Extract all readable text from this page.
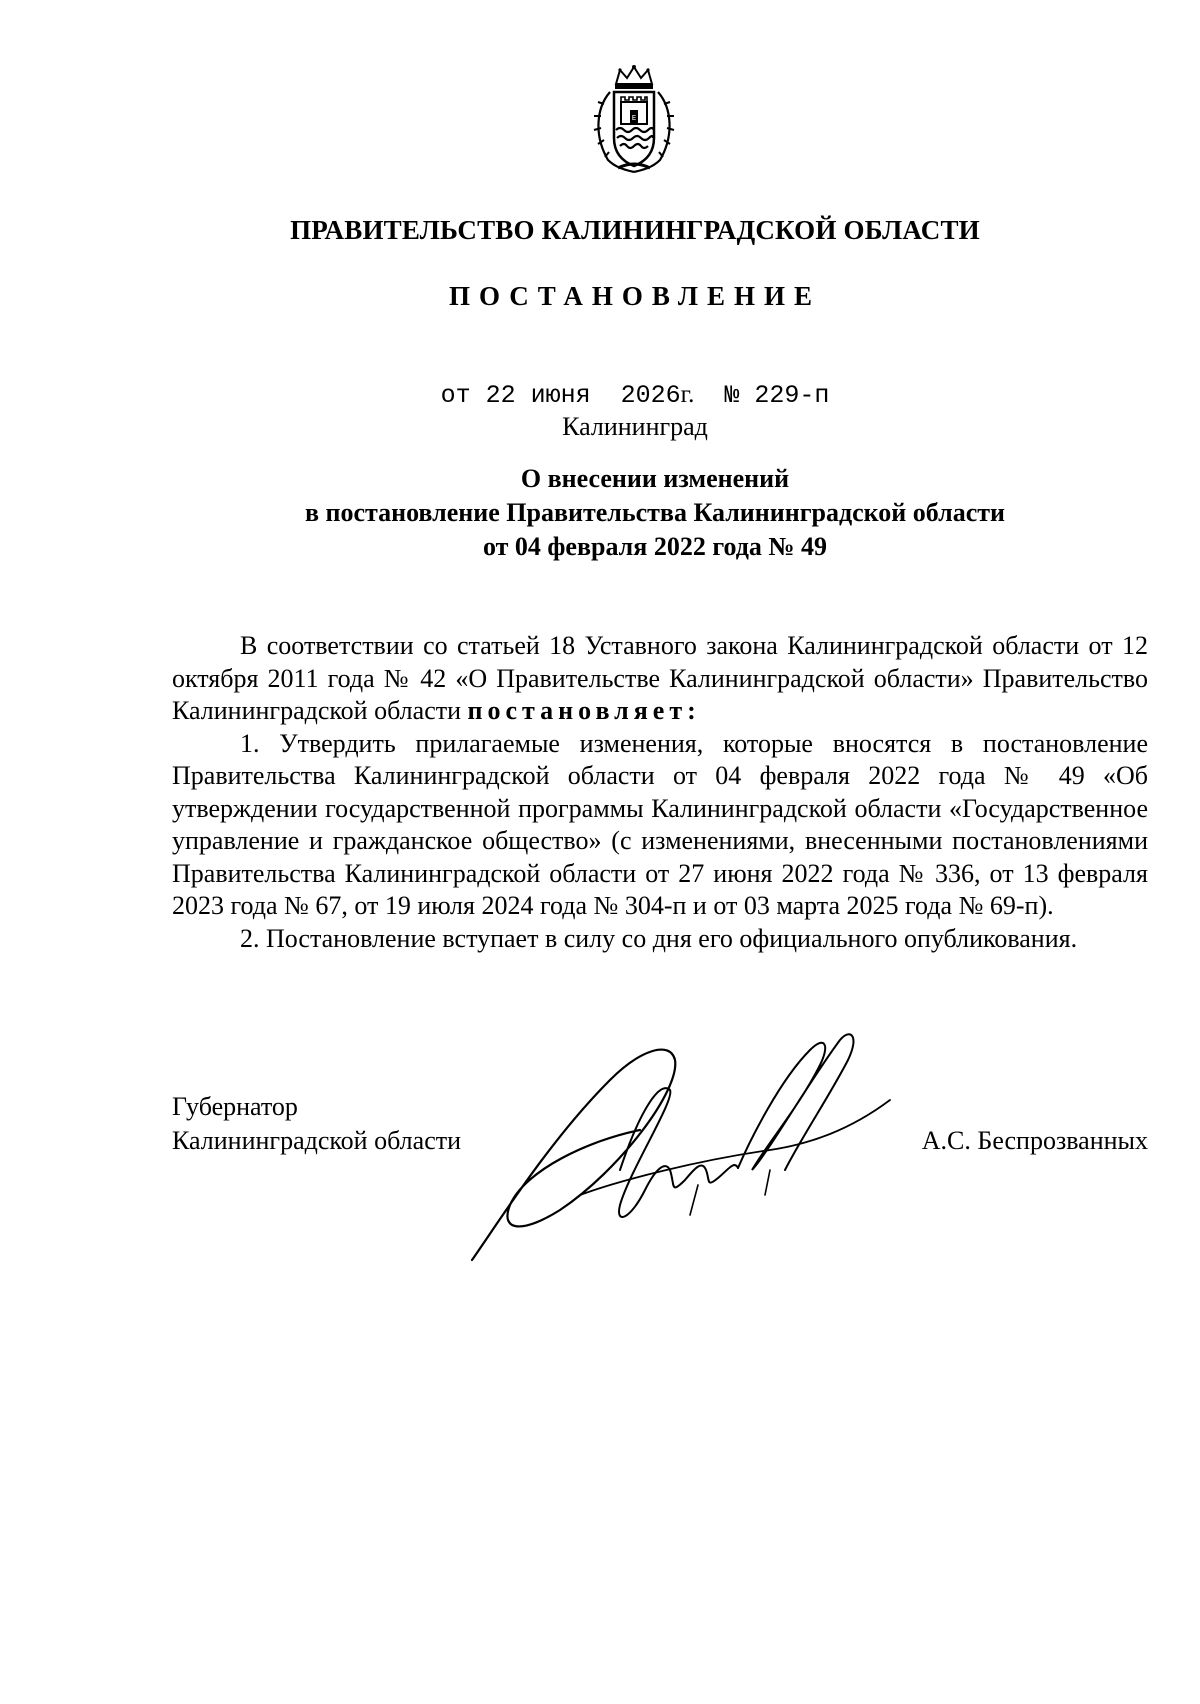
E
ПРАВИТЕЛЬСТВО КАЛИНИНГРАДСКОЙ ОБЛАСТИ
ПОСТАНОВЛЕНИЕ
от 22 июня  2026г. № 229-п
Калининград
О внесении изменений
в постановление Правительства Калининградской области
от 04 февраля 2022 года № 49

В соответствии со статьей 18 Уставного закона Калининградской области от 12 октября 2011 года № 42 «О Правительстве Калининградской области» Правительство Калининградской области постановляет:

1. Утвердить прилагаемые изменения, которые вносятся в постановление Правительства Калининградской области от 04 февраля 2022 года № 49 «Об утверждении государственной программы Калининградской области «Государственное управление и гражданское общество» (с изменениями, внесенными постановлениями Правительства Калининградской области от 27 июня 2022 года № 336, от 13 февраля 2023 года № 67, от 19 июля 2024 года № 304-п и от 03 марта 2025 года № 69-п).

2. Постановление вступает в силу со дня его официального опубликования.

Губернатор
Калининградской области	А.С. Беспрозванных
